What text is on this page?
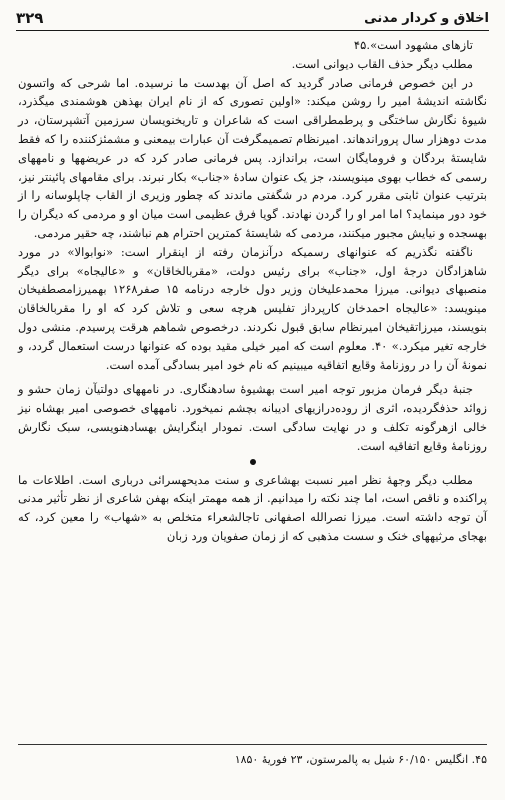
۳۲۹	اخلاق و کردار مدنی

تازهای مشهود است».۴۵

مطلب دیگر حذف القاب دیوانی است.

در این خصوص فرمانی صادر گردید که اصل آن بهدست ما نرسیده. اما شرحی که واتسون نگاشته اندیشهٔ امیر را روشن میکند: «اولین تصوری که از نام ایران بهذهن هوشمندی میگذرد، شیوهٔ نگارش ساختگی و پرطمطراقی است که شاعران و تاریخنویسان سرزمین آتشپرستان، در مدت دوهزار سال پروراندهاند. امیرنظام تصمیمگرفت آن عبارات بیمعنی و مشمئزکننده را که فقط شایستهٔ بردگان و فرومایگان است، براندازد. پس فرمانی صادر کرد که در عریضهها و نامههای رسمی که خطاب بهوی مینویسند، جز یک عنوان سادهٔ «جناب» بکار نبرند. برای مقامهای پائینتر نیز، بترتیب عنوان ثابتی مقرر کرد. مردم در شگفتی ماندند که چطور وزیری از القاب چاپلوسانه را از خود دور مینماید؟ اما امر او را گردن نهادند. گویا فرق عظیمی است میان او و مردمی که دیگران را بهسجده و نیایش مجبور میکنند، مردمی که شایستهٔ کمترین احترام هم نباشند، چه حقیر مردمی.

ناگفته نگذریم که عنوانهای رسمیکه درآنزمان رفته از اینقرار است: «نوابوالا» در مورد شاهزادگان درجهٔ اول، «جناب» برای رئیس دولت، «مقربالخاقان» و «عالیجاه» برای دیگر منصبهای دیوانی. میرزا محمدعلیخان وزیر دول خارجه درنامه ۱۵ صفر۱۲۶۸ بهمیرزامصطفیخان مینویسد: «عالیجاه احمدخان کارپرداز تفلیس هرچه سعی و تلاش کرد که او را مقربالخاقان بنویسند، میرزاتقیخان امیرنظام سابق قبول نکردند. درخصوص شماهم هرقت پرسیدم. منشی دول خارجه تغیر میکرد.» ۴۰. معلوم است که امیر خیلی مقید بوده که عنوانها درست استعمال گردد، و نمونهٔ آن را در روزنامهٔ وقایع اتفاقیه میبینیم که نام خود امیر بسادگی آمده است.

جنبهٔ دیگر فرمان مزبور توجه امیر است بهشیوهٔ سادهنگاری. در نامههای دولتیآن زمان حشو و زوائد حذفگردیده، اثری از روده‌درازیهای ادیبانه بچشم نمیخورد. نامههای خصوصی امیر بهشاه نیز خالی ازهرگونه تکلف و در نهایت سادگی است. نمودار اینگرایش بهسادهنویسی، سبک نگارش روزنامهٔ وقایع اتفاقیه است.

مطلب دیگر وجههٔ نظر امیر نسبت بهشاعری و سنت مدیحهسرائی درباری است. اطلاعات ما پراکنده و ناقص است، اما چند نکته را میدانیم. از همه مهمتر اینکه بهفن شاعری از نظر تأثیر مدنی آن توجه داشته است. میرزا نصرالله اصفهانی تاجالشعراء متخلص به «شهاب» را معین کرد، که بهجای مرثیههای خنک و سست مذهبی که از زمان صفویان ورد زبان

۴۵. انگلیس ۶۰/۱۵۰ شیل به پالمرستون، ۲۳ فوریهٔ ۱۸۵۰
